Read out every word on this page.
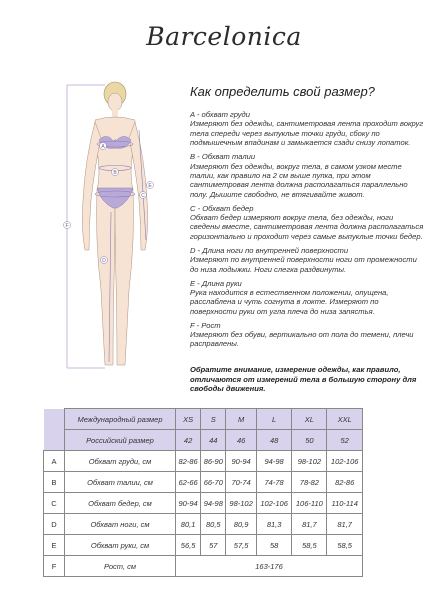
Barcelonica
A
B
C
D
E
F
Как определить свой размер?

A - обхват груди
Измеряют без одежды, сантиметровая лента проходит вокруг тела спереди через выпуклые точки груди, сбоку по подмышечным впадинам и замыкается сзади снизу лопаток.

B - Обхват талии
Измеряют без одежды, вокруг тела, в самом узком месте талии, как правило на 2 см выше пупка, при этом сантиметровая лента должна располагаться параллельно полу. Дышите свободно, не втягивайте живот.

C - Обхват бедер
Обхват бедер измеряют вокруг тела, без одежды, ноги сведены вместе, сантиметровая лента должна располагаться горизонтально и проходит через самые выпуклые точки бедер.

D - Длина ноги по внутренней поверхности
Измеряют по внутренней поверхности ноги от промежности до низа лодыжки. Ноги слегка раздвинуты.

E - Длина руки
Рука находится в естественном положении, опущена, расслаблена и чуть согнута в локте. Измеряют по поверхности руки от угла плеча до низа запястья.

F - Рост
Измеряют без обуви, вертикально от пола до темени, плечи расправлены.

Обратите внимание, измерение одежды, как правило, отличаются от измерений тела в большую сторону для свободы движения.
	Международный размер	XS	S	M	L	XL	XXL
	Российский размер	42	44	46	48	50	52
A	Обхват груди, см	82-86	86-90	90-94	94-98	98-102	102-106
B	Обхват талии, см	62-66	66-70	70-74	74-78	78-82	82-86
C	Обхват бедер, см	90-94	94-98	98-102	102-106	106-110	110-114
D	Обхват ноги, см	80,1	80,5	80,9	81,3	81,7	81,7
E	Обхват руки, см	56,5	57	57,5	58	58,5	58,5
F	Рост, см	163-176					
